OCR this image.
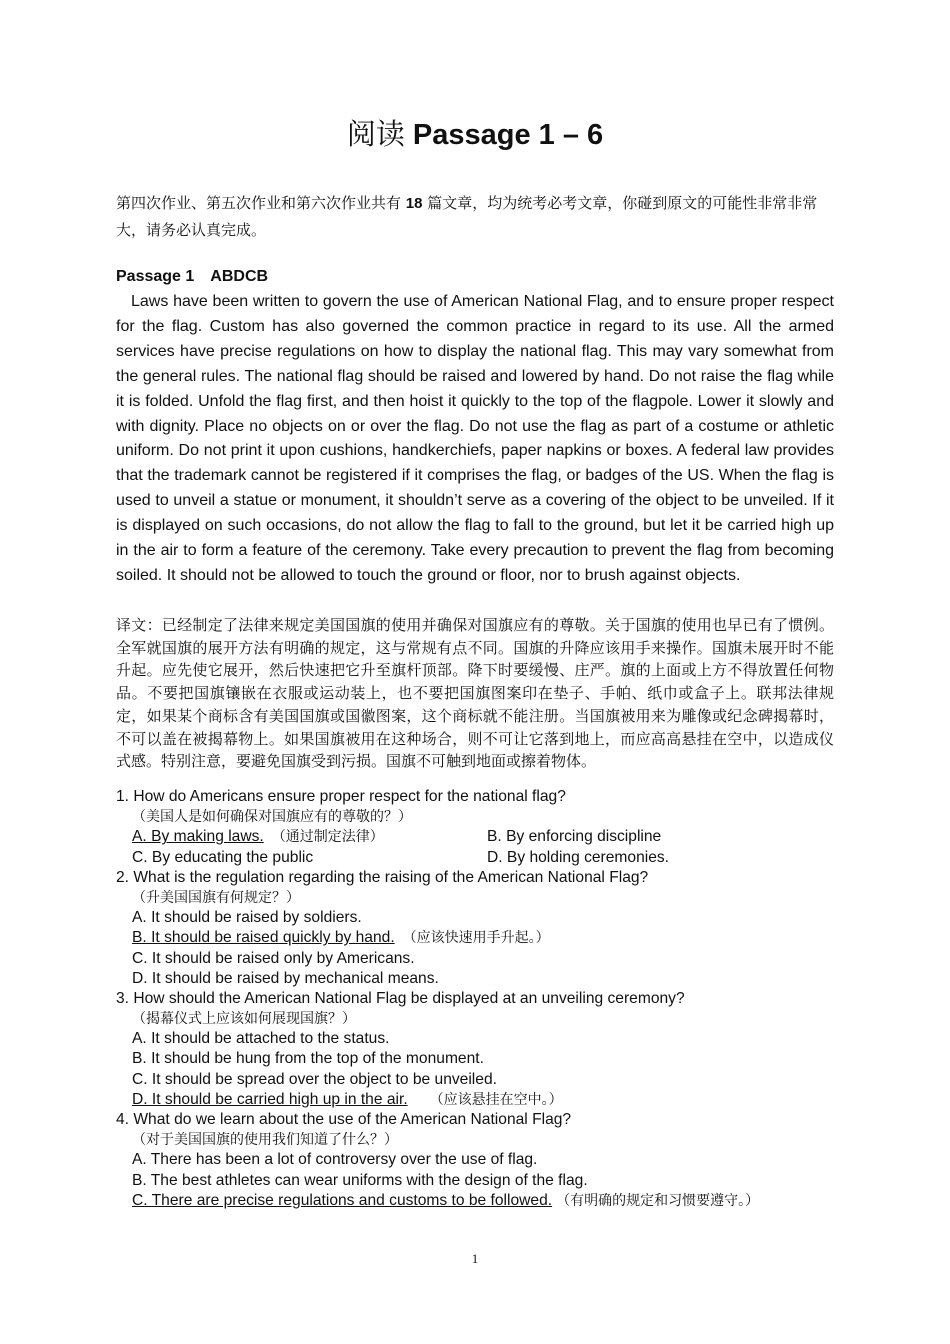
阅读 Passage 1 – 6

第四次作业、第五次作业和第六次作业共有 18 篇文章，均为统考必考文章，你碰到原文的可能性非常非常大，请务必认真完成。

Passage 1 ABDCB

Laws have been written to govern the use of American National Flag, and to ensure proper respect for the flag. Custom has also governed the common practice in regard to its use. All the armed services have precise regulations on how to display the national flag. This may vary somewhat from the general rules. The national flag should be raised and lowered by hand. Do not raise the flag while it is folded. Unfold the flag first, and then hoist it quickly to the top of the flagpole. Lower it slowly and with dignity. Place no objects on or over the flag. Do not use the flag as part of a costume or athletic uniform. Do not print it upon cushions, handkerchiefs, paper napkins or boxes. A federal law provides that the trademark cannot be registered if it comprises the flag, or badges of the US. When the flag is used to unveil a statue or monument, it shouldn’t serve as a covering of the object to be unveiled. If it is displayed on such occasions, do not allow the flag to fall to the ground, but let it be carried high up in the air to form a feature of the ceremony. Take every precaution to prevent the flag from becoming soiled. It should not be allowed to touch the ground or floor, nor to brush against objects.

译文：已经制定了法律来规定美国国旗的使用并确保对国旗应有的尊敬。关于国旗的使用也早已有了惯例。全军就国旗的展开方法有明确的规定，这与常规有点不同。国旗的升降应该用手来操作。国旗未展开时不能升起。应先使它展开，然后快速把它升至旗杆顶部。降下时要缓慢、庄严。旗的上面或上方不得放置任何物品。不要把国旗镶嵌在衣服或运动装上，也不要把国旗图案印在垫子、手帕、纸巾或盒子上。联邦法律规定，如果某个商标含有美国国旗或国徽图案，这个商标就不能注册。当国旗被用来为雕像或纪念碑揭幕时，不可以盖在被揭幕物上。如果国旗被用在这种场合，则不可让它落到地上，而应高高悬挂在空中，以造成仪式感。特别注意，要避免国旗受到污损。国旗不可触到地面或擦着物体。

1. How do Americans ensure proper respect for the national flag?
（美国人是如何确保对国旗应有的尊敬的？）
A. By making laws. （通过制定法律）	B. By enforcing discipline
C. By educating the public	D. By holding ceremonies.
2. What is the regulation regarding the raising of the American National Flag?
（升美国国旗有何规定？）
A. It should be raised by soldiers.
B. It should be raised quickly by hand. （应该快速用手升起。）
C. It should be raised only by Americans.
D. It should be raised by mechanical means.
3. How should the American National Flag be displayed at an unveiling ceremony?
（揭幕仪式上应该如何展现国旗？）
A. It should be attached to the status.
B. It should be hung from the top of the monument.
C. It should be spread over the object to be unveiled.
D. It should be carried high up in the air. （应该悬挂在空中。）
4. What do we learn about the use of the American National Flag?
（对于美国国旗的使用我们知道了什么？）
A. There has been a lot of controversy over the use of flag.
B. The best athletes can wear uniforms with the design of the flag.
C. There are precise regulations and customs to be followed. （有明确的规定和习惯要遵守。）

1
